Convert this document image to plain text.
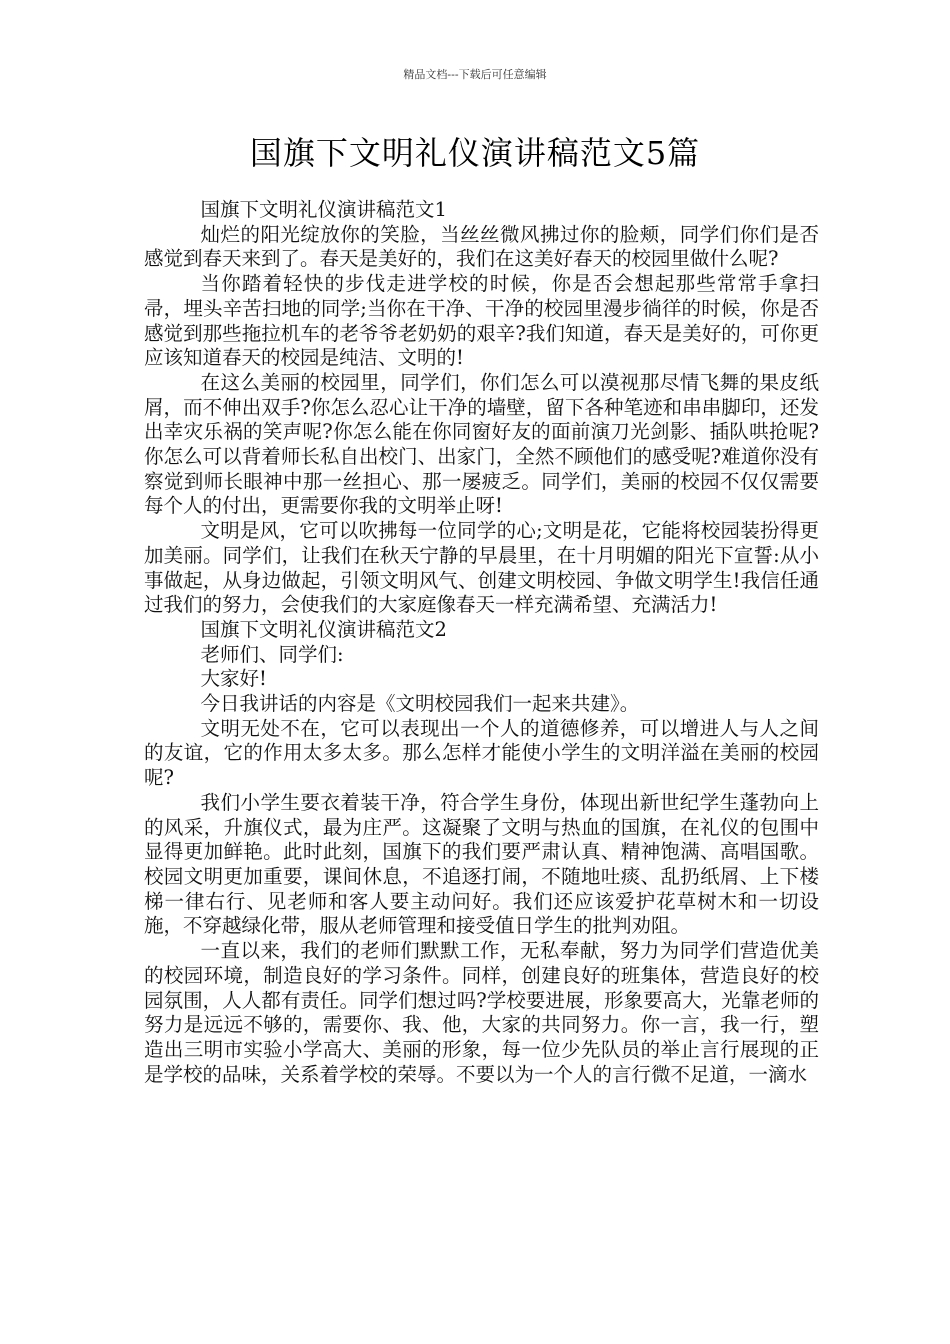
精品文档---下载后可任意编辑
国旗下文明礼仪演讲稿范文5篇

国旗下文明礼仪演讲稿范文1

灿烂的阳光绽放你的笑脸，当丝丝微风拂过你的脸颊，同学们你们是否感觉到春天来到了。春天是美好的，我们在这美好春天的校园里做什么呢?

当你踏着轻快的步伐走进学校的时候，你是否会想起那些常常手拿扫帚，埋头辛苦扫地的同学;当你在干净、干净的校园里漫步徜徉的时候，你是否感觉到那些拖拉机车的老爷爷老奶奶的艰辛?我们知道，春天是美好的，可你更应该知道春天的校园是纯洁、文明的!

在这么美丽的校园里，同学们，你们怎么可以漠视那尽情飞舞的果皮纸屑，而不伸出双手?你怎么忍心让干净的墙壁，留下各种笔迹和串串脚印，还发出幸灾乐祸的笑声呢?你怎么能在你同窗好友的面前演刀光剑影、插队哄抢呢?你怎么可以背着师长私自出校门、出家门，全然不顾他们的感受呢?难道你没有察觉到师长眼神中那一丝担心、那一屡疲乏。同学们，美丽的校园不仅仅需要每个人的付出，更需要你我的文明举止呀!

文明是风，它可以吹拂每一位同学的心;文明是花，它能将校园装扮得更加美丽。同学们，让我们在秋天宁静的早晨里，在十月明媚的阳光下宣誓:从小事做起，从身边做起，引领文明风气、创建文明校园、争做文明学生!我信任通过我们的努力，会使我们的大家庭像春天一样充满希望、充满活力!

国旗下文明礼仪演讲稿范文2

老师们、同学们:

大家好!

今日我讲话的内容是《文明校园我们一起来共建》。

文明无处不在，它可以表现出一个人的道德修养，可以增进人与人之间的友谊，它的作用太多太多。那么怎样才能使小学生的文明洋溢在美丽的校园呢?

我们小学生要衣着装干净，符合学生身份，体现出新世纪学生蓬勃向上的风采，升旗仪式，最为庄严。这凝聚了文明与热血的国旗，在礼仪的包围中显得更加鲜艳。此时此刻，国旗下的我们要严肃认真、精神饱满、高唱国歌。校园文明更加重要，课间休息，不追逐打闹，不随地吐痰、乱扔纸屑、上下楼梯一律右行、见老师和客人要主动问好。我们还应该爱护花草树木和一切设施，不穿越绿化带，服从老师管理和接受值日学生的批判劝阻。

一直以来，我们的老师们默默工作，无私奉献，努力为同学们营造优美的校园环境，制造良好的学习条件。同样，创建良好的班集体，营造良好的校园氛围，人人都有责任。同学们想过吗?学校要进展，形象要高大，光靠老师的努力是远远不够的，需要你、我、他，大家的共同努力。你一言，我一行，塑造出三明市实验小学高大、美丽的形象，每一位少先队员的举止言行展现的正是学校的品味，关系着学校的荣辱。不要以为一个人的言行微不足道，一滴水
